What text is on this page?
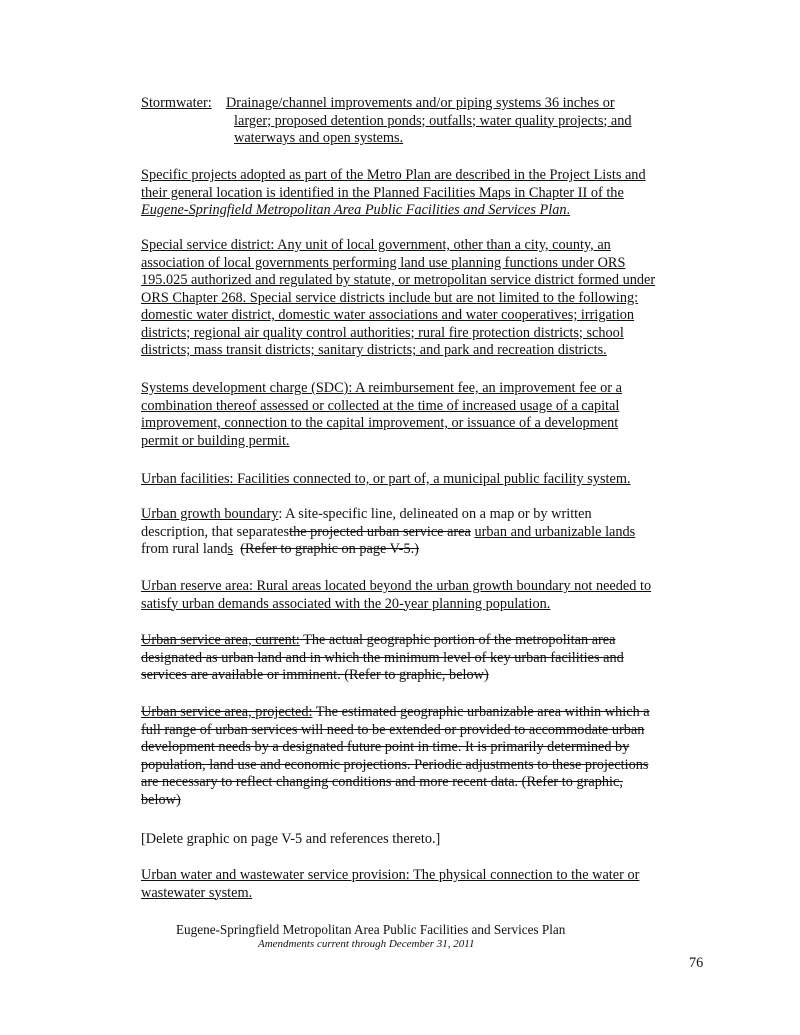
Stormwater: Drainage/channel improvements and/or piping systems 36 inches or
larger; proposed detention ponds; outfalls; water quality projects; and
waterways and open systems.
Specific projects adopted as part of the Metro Plan are described in the Project Lists and
their general location is identified in the Planned Facilities Maps in Chapter II of the
Eugene-Springfield Metropolitan Area Public Facilities and Services Plan.
Special service district: Any unit of local government, other than a city, county, an
association of local governments performing land use planning functions under ORS
195.025 authorized and regulated by statute, or metropolitan service district formed under
ORS Chapter 268. Special service districts include but are not limited to the following:
domestic water district, domestic water associations and water cooperatives; irrigation
districts; regional air quality control authorities; rural fire protection districts; school
districts; mass transit districts; sanitary districts; and park and recreation districts.
Systems development charge (SDC): A reimbursement fee, an improvement fee or a
combination thereof assessed or collected at the time of increased usage of a capital
improvement, connection to the capital improvement, or issuance of a development
permit or building permit.
Urban facilities: Facilities connected to, or part of, a municipal public facility system.
Urban growth boundary: A site-specific line, delineated on a map or by written
description, that separatesthe projected urban service area urban and urbanizable lands
from rural lands (Refer to graphic on page V-5.)
Urban reserve area: Rural areas located beyond the urban growth boundary not needed to
satisfy urban demands associated with the 20-year planning population.
Urban service area, current: The actual geographic portion of the metropolitan area
designated as urban land and in which the minimum level of key urban facilities and
services are available or imminent. (Refer to graphic, below)
Urban service area, projected: The estimated geographic urbanizable area within which a
full range of urban services will need to be extended or provided to accommodate urban
development needs by a designated future point in time. It is primarily determined by
population, land use and economic projections. Periodic adjustments to these projections
are necessary to reflect changing conditions and more recent data. (Refer to graphic,
below)
[Delete graphic on page V-5 and references thereto.]
Urban water and wastewater service provision: The physical connection to the water or
wastewater system.
Eugene-Springfield Metropolitan Area Public Facilities and Services Plan
Amendments current through December 31, 2011
76
